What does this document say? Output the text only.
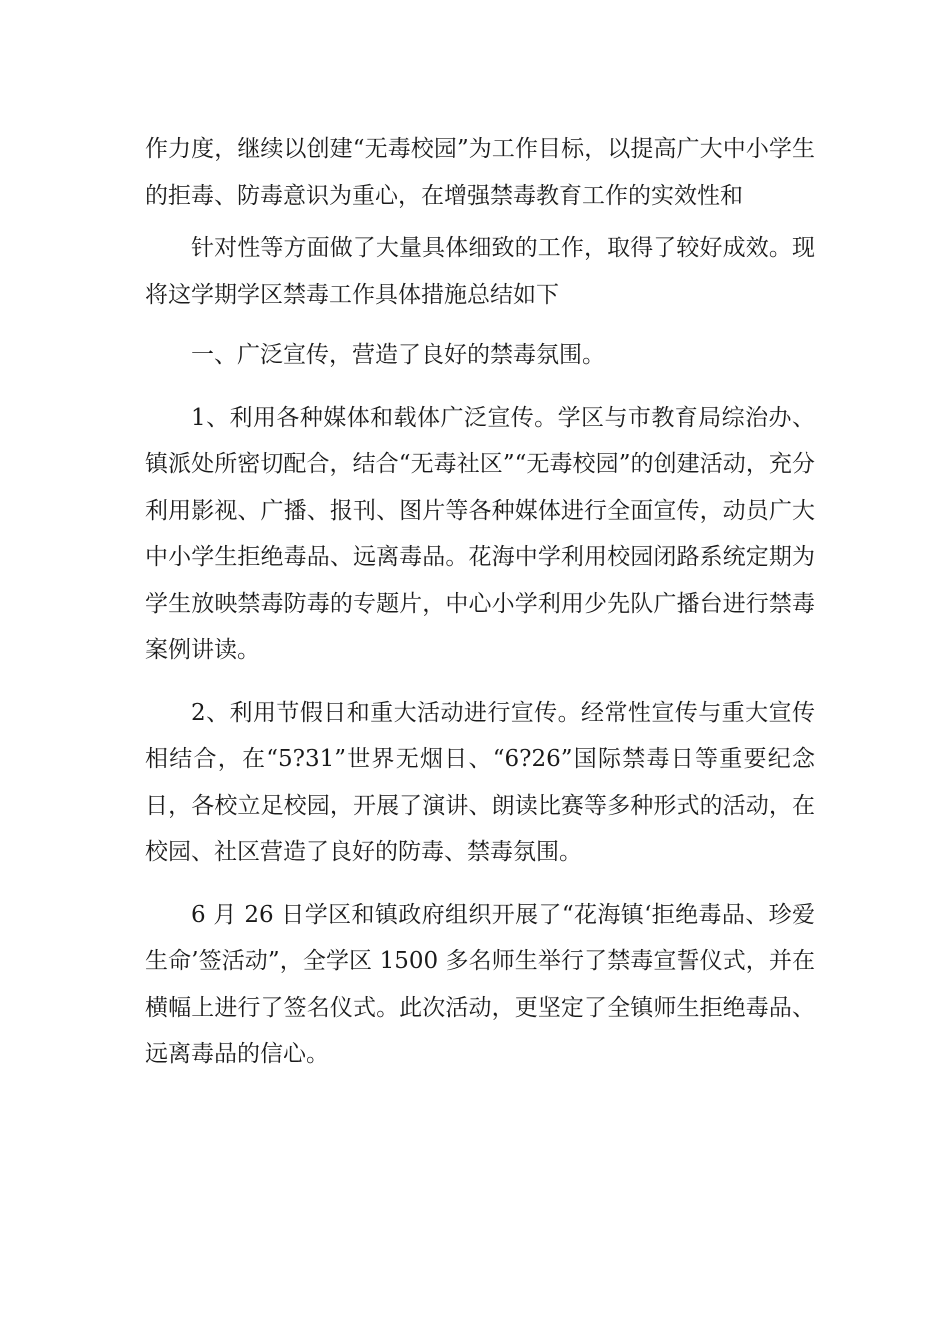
作力度，继续以创建“无毒校园”为工作目标，以提高广大中小学生的拒毒、防毒意识为重心，在增强禁毒教育工作的实效性和

针对性等方面做了大量具体细致的工作，取得了较好成效。现将这学期学区禁毒工作具体措施总结如下

一、广泛宣传，营造了良好的禁毒氛围。

1、利用各种媒体和载体广泛宣传。学区与市教育局综治办、镇派处所密切配合，结合“无毒社区”“无毒校园”的创建活动，充分利用影视、广播、报刊、图片等各种媒体进行全面宣传，动员广大中小学生拒绝毒品、远离毒品。花海中学利用校园闭路系统定期为学生放映禁毒防毒的专题片，中心小学利用少先队广播台进行禁毒案例讲读。

2、利用节假日和重大活动进行宣传。经常性宣传与重大宣传相结合，在“5?31”世界无烟日、“6?26”国际禁毒日等重要纪念日，各校立足校园，开展了演讲、朗读比赛等多种形式的活动，在校园、社区营造了良好的防毒、禁毒氛围。

6 月 26 日学区和镇政府组织开展了“花海镇‘拒绝毒品、珍爱生命’签活动”，全学区 1500 多名师生举行了禁毒宣誓仪式，并在横幅上进行了签名仪式。此次活动，更坚定了全镇师生拒绝毒品、远离毒品的信心。
